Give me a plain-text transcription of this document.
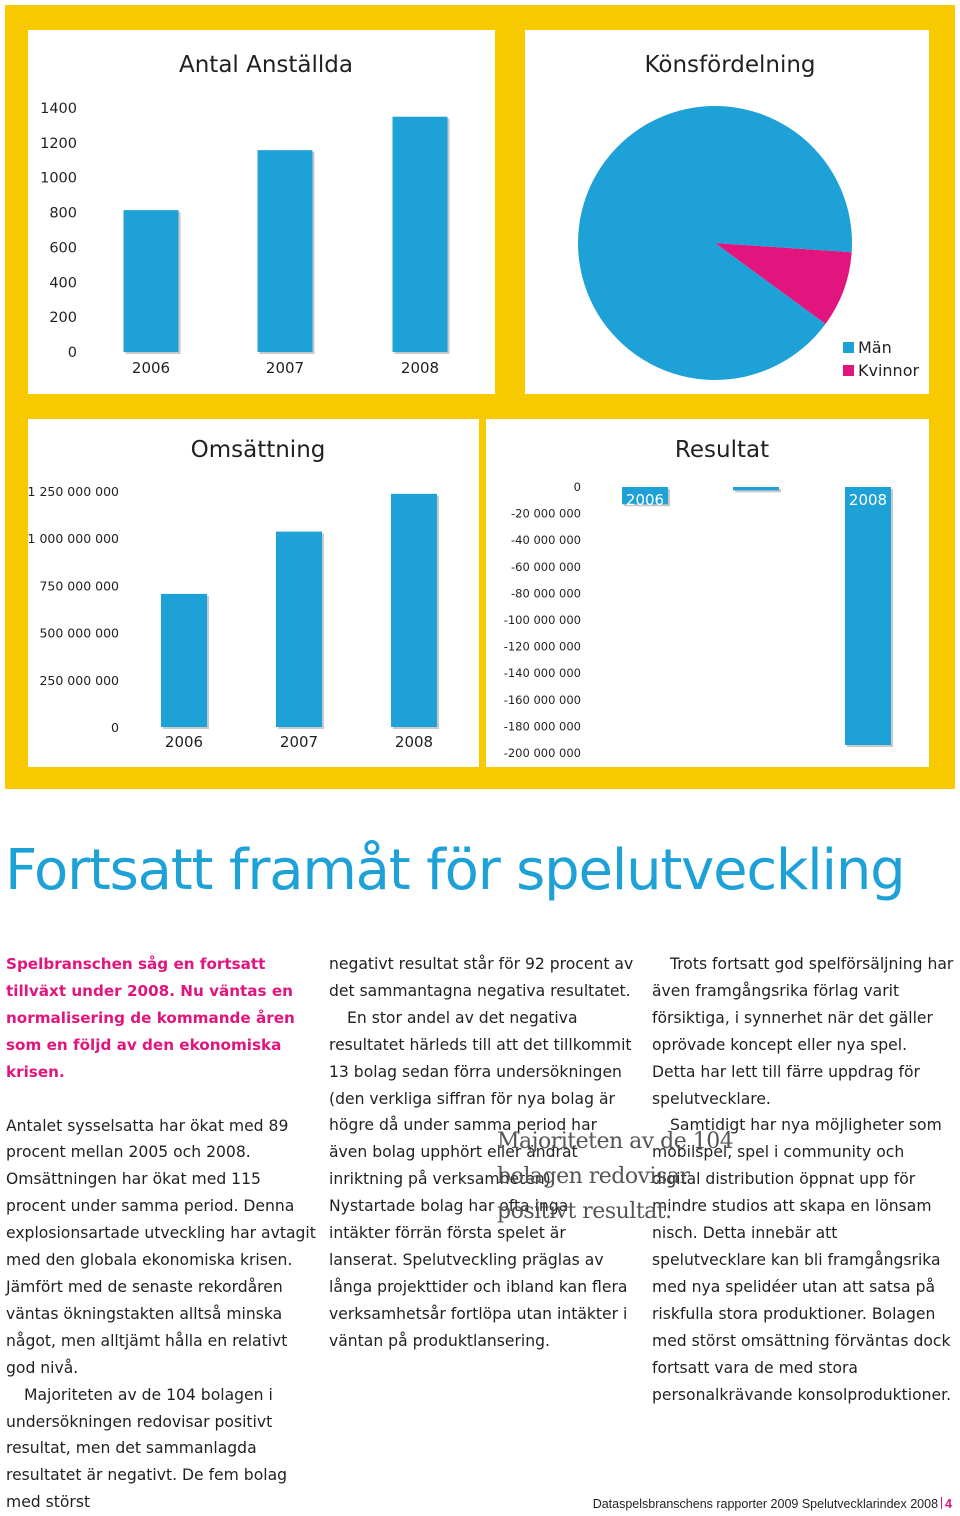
Antal Anställda
0
200
400
600
800
1000
1200
1400
2006	2007	2008
Könsfördelning
Män
Kvinnor
Omsättning
0
250 000 000
500 000 000
750 000 000
1 000 000 000
1 250 000 000
2006	2007	2008
Resultat
0
-20 000 000
-40 000 000
-60 000 000
-80 000 000
-100 000 000
-120 000 000
-140 000 000
-160 000 000
-180 000 000
-200 000 000
2006	2007	2008
Fortsatt framåt för spelutveckling

Spelbranschen såg en fortsatt tillväxt under 2008. Nu väntas en normalisering de kommande åren som en följd av den ekonomiska krisen.

Antalet sysselsatta har ökat med 89 procent mellan 2005 och 2008. Omsättningen har ökat med 115 procent under samma period. Denna explosionsartade utveckling har avtagit med den globala ekonomiska krisen. Jämfört med de senaste rekordåren väntas ökningstakten alltså minska något, men alltjämt hålla en relativt god nivå.

Majoriteten av de 104 bolagen i undersökningen redovisar positivt resultat, men det sammanlagda resultatet är negativt. De fem bolag med störst

negativt resultat står för 92 procent av det sammantagna negativa resultatet.

En stor andel av det negativa resultatet härleds till att det tillkommit 13 bolag sedan förra undersökningen (den verkliga siffran för nya bolag är högre då under samma period har även bolag upphört eller ändrat inriktning på verksamheten). Nystartade bolag har ofta inga intäkter förrän första spelet är lanserat. Spelutveckling präglas av långa projekttider och ibland kan flera verksamhetsår fortlöpa utan intäkter i väntan på produktlansering.

Trots fortsatt god spelförsäljning har även framgångsrika förlag varit försiktiga, i synnerhet när det gäller oprövade koncept eller nya spel. Detta har lett till färre uppdrag för spelutvecklare.

Samtidigt har nya möjligheter som mobilspel, spel i community och digital distribution öppnat upp för mindre studios att skapa en lönsam nisch. Detta innebär att spelutvecklare kan bli framgångsrika med nya spelidéer utan att satsa på riskfulla stora produktioner. Bolagen med störst omsättning förväntas dock fortsatt vara de med stora personalkrävande konsolproduktioner.

Majoriteten av de 104 bolagen redovisar positivt resultat.
Dataspelsbranschens rapporter 2009 Spelutvecklarindex 2008 4
